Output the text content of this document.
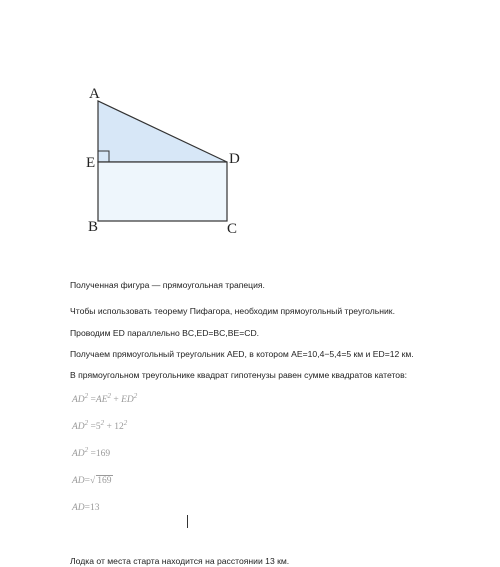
A
E	D
B	C
Полученная фигура — прямоугольная трапеция.
Чтобы использовать теорему Пифагора, необходим прямоугольный треугольник.
Проводим ED параллельно BC,ED=BC,BE=CD.
Получаем прямоугольный треугольник AED, в котором AE=10,4−5,4=5 км и ED=12 км.
В прямоугольном треугольнике квадрат гипотенузы равен сумме квадратов катетов:
$AD^2 =AE^2 + ED^2$
$AD^2 =5^2 + 12^2$
$AD^2 =169$
AD=√ 169
AD=13
Лодка от места старта находится на расстоянии 13 км.
